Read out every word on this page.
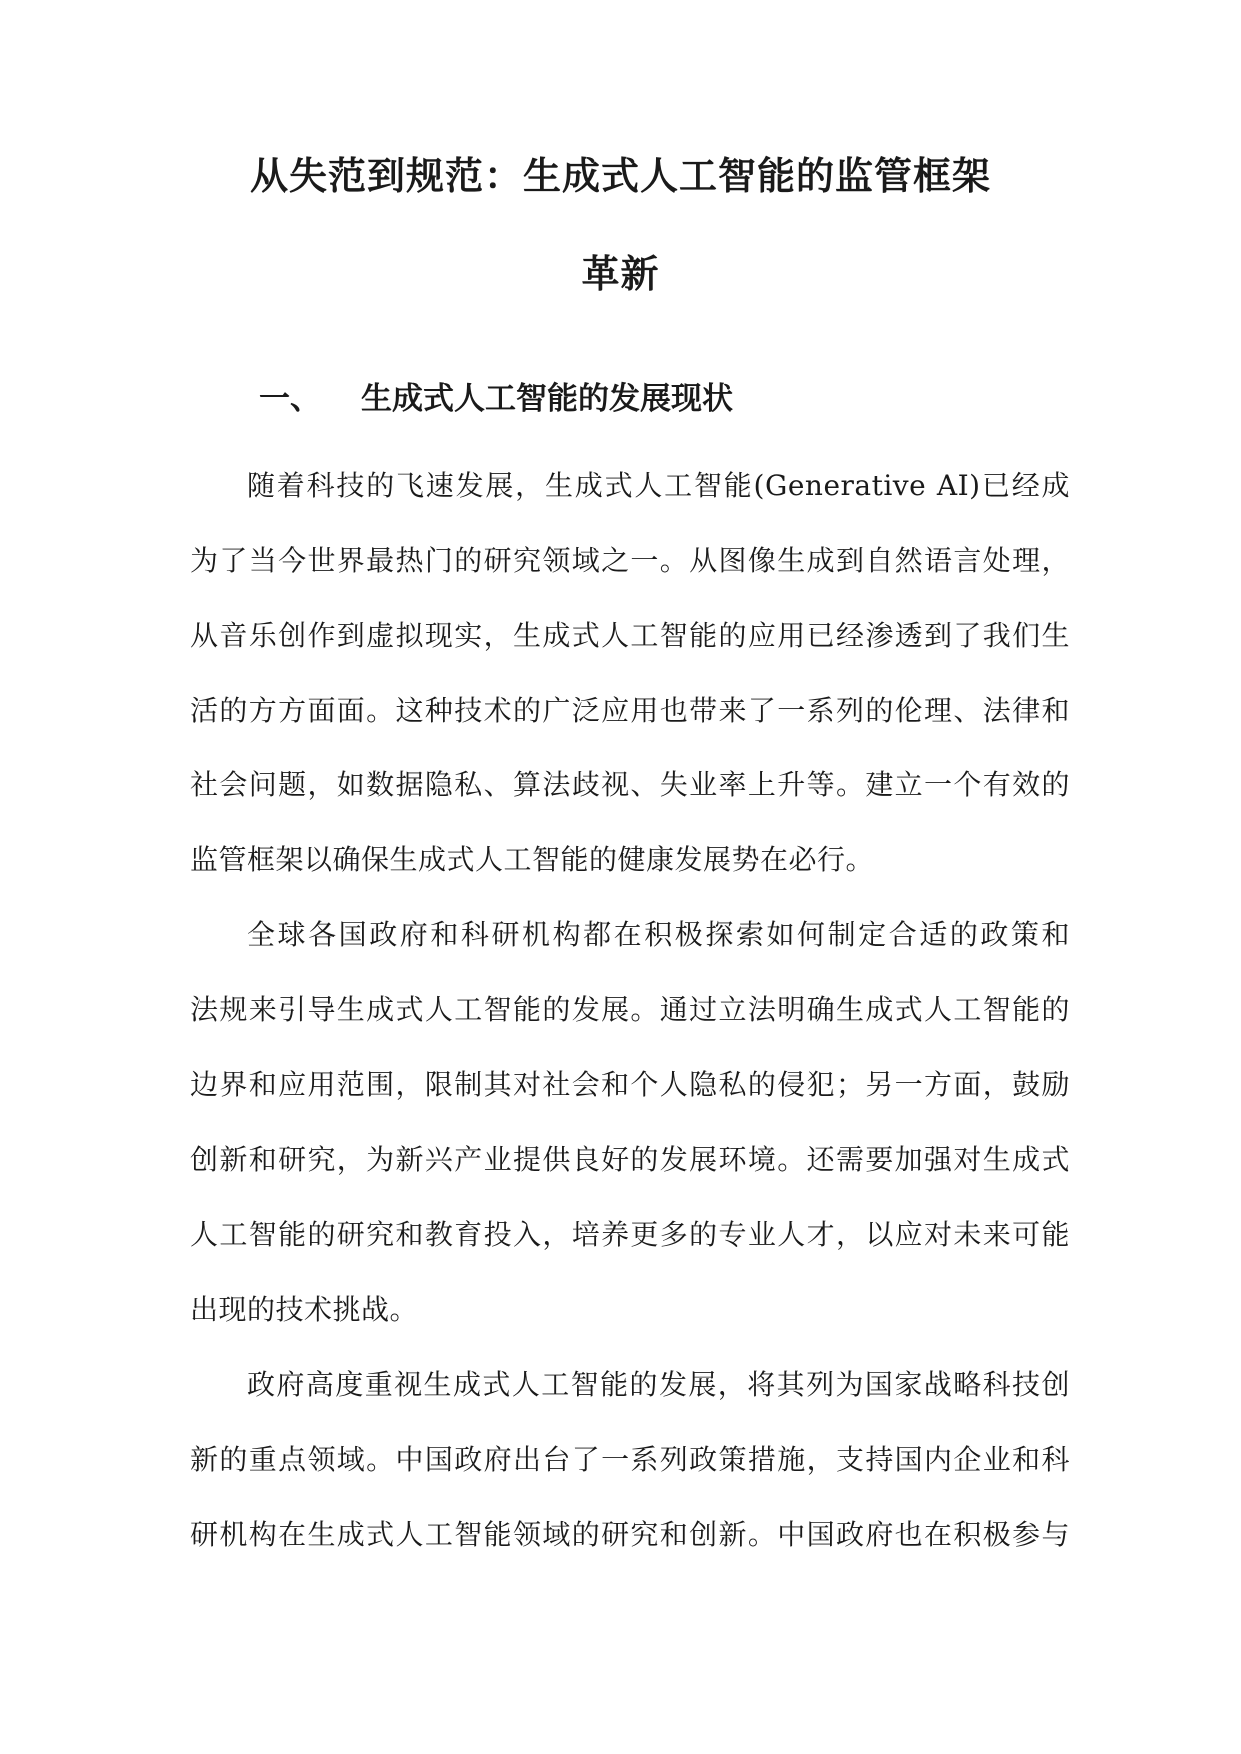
从失范到规范：生成式人工智能的监管框架
革新
一、 生成式人工智能的发展现状
随着科技的飞速发展，生成式人工智能(Generative AI)已经成
为了当今世界最热门的研究领域之一。从图像生成到自然语言处理，
从音乐创作到虚拟现实，生成式人工智能的应用已经渗透到了我们生
活的方方面面。这种技术的广泛应用也带来了一系列的伦理、法律和
社会问题，如数据隐私、算法歧视、失业率上升等。建立一个有效的
监管框架以确保生成式人工智能的健康发展势在必行。
全球各国政府和科研机构都在积极探索如何制定合适的政策和
法规来引导生成式人工智能的发展。通过立法明确生成式人工智能的
边界和应用范围，限制其对社会和个人隐私的侵犯；另一方面，鼓励
创新和研究，为新兴产业提供良好的发展环境。还需要加强对生成式
人工智能的研究和教育投入，培养更多的专业人才，以应对未来可能
出现的技术挑战。
政府高度重视生成式人工智能的发展，将其列为国家战略科技创
新的重点领域。中国政府出台了一系列政策措施，支持国内企业和科
研机构在生成式人工智能领域的研究和创新。中国政府也在积极参与
